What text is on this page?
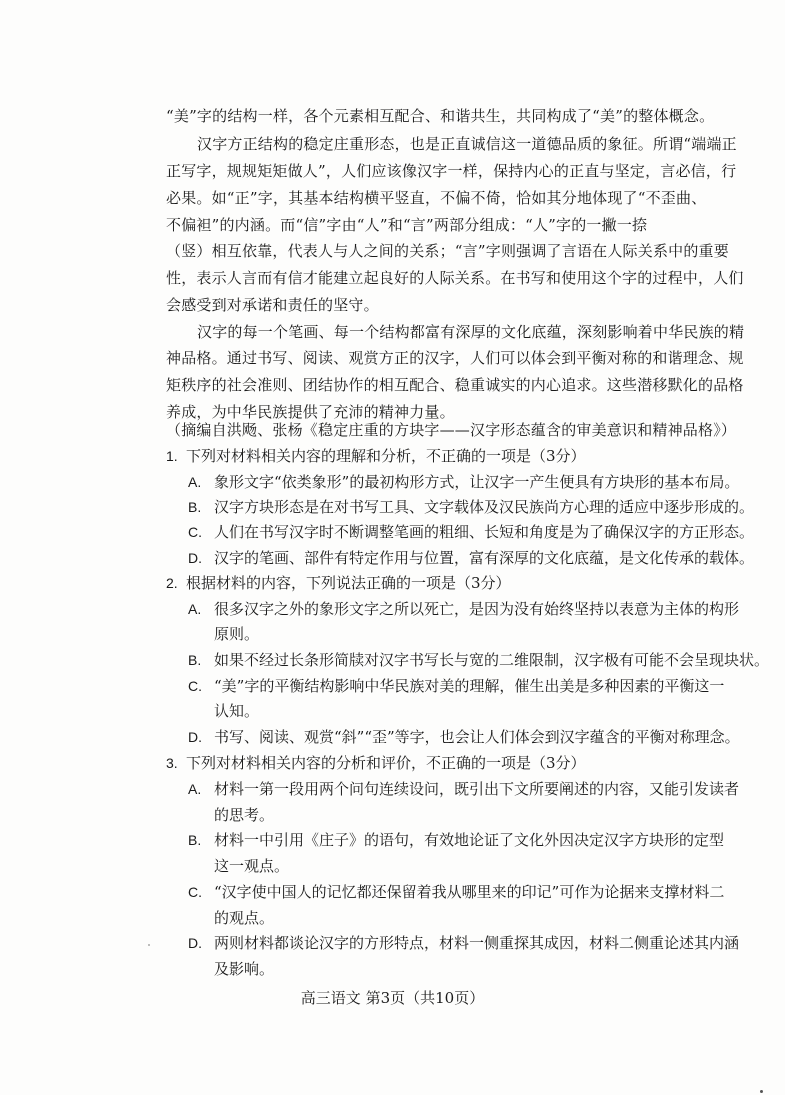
“美”字的结构一样，各个元素相互配合、和谐共生，共同构成了“美”的整体概念。
汉字方正结构的稳定庄重形态，也是正直诚信这一道德品质的象征。所谓“端端正
正写字，规规矩矩做人”，人们应该像汉字一样，保持内心的正直与坚定，言必信，行
必果。如“正”字，其基本结构横平竖直，不偏不倚，恰如其分地体现了“不歪曲、
不偏袒”的内涵。而“信”字由“人”和“言”两部分组成：“人”字的一撇一捺
（竖）相互依靠，代表人与人之间的关系；“言”字则强调了言语在人际关系中的重要
性，表示人言而有信才能建立起良好的人际关系。在书写和使用这个字的过程中，人们
会感受到对承诺和责任的坚守。
汉字的每一个笔画、每一个结构都富有深厚的文化底蕴，深刻影响着中华民族的精
神品格。通过书写、阅读、观赏方正的汉字，人们可以体会到平衡对称的和谐理念、规
矩秩序的社会准则、团结协作的相互配合、稳重诚实的内心追求。这些潜移默化的品格
养成，为中华民族提供了充沛的精神力量。
（摘编自洪飏、张杨《稳定庄重的方块字——汉字形态蕴含的审美意识和精神品格》）
1. 下列对材料相关内容的理解和分析，不正确的一项是（3分）
A. 象形文字“依类象形”的最初构形方式，让汉字一产生便具有方块形的基本布局。
B. 汉字方块形态是在对书写工具、文字载体及汉民族尚方心理的适应中逐步形成的。
C. 人们在书写汉字时不断调整笔画的粗细、长短和角度是为了确保汉字的方正形态。
D. 汉字的笔画、部件有特定作用与位置，富有深厚的文化底蕴，是文化传承的载体。
2. 根据材料的内容，下列说法正确的一项是（3分）
A. 很多汉字之外的象形文字之所以死亡，是因为没有始终坚持以表意为主体的构形
原则。
B. 如果不经过长条形简牍对汉字书写长与宽的二维限制，汉字极有可能不会呈现块状。
C. “美”字的平衡结构影响中华民族对美的理解，催生出美是多种因素的平衡这一
认知。
D. 书写、阅读、观赏“斜”“歪”等字，也会让人们体会到汉字蕴含的平衡对称理念。
3. 下列对材料相关内容的分析和评价，不正确的一项是（3分）
A. 材料一第一段用两个问句连续设问，既引出下文所要阐述的内容，又能引发读者
的思考。
B. 材料一中引用《庄子》的语句，有效地论证了文化外因决定汉字方块形的定型
这一观点。
C. “汉字使中国人的记忆都还保留着我从哪里来的印记”可作为论据来支撑材料二
的观点。
D. 两则材料都谈论汉字的方形特点，材料一侧重探其成因，材料二侧重论述其内涵
及影响。
高三语文 第3页（共10页）
